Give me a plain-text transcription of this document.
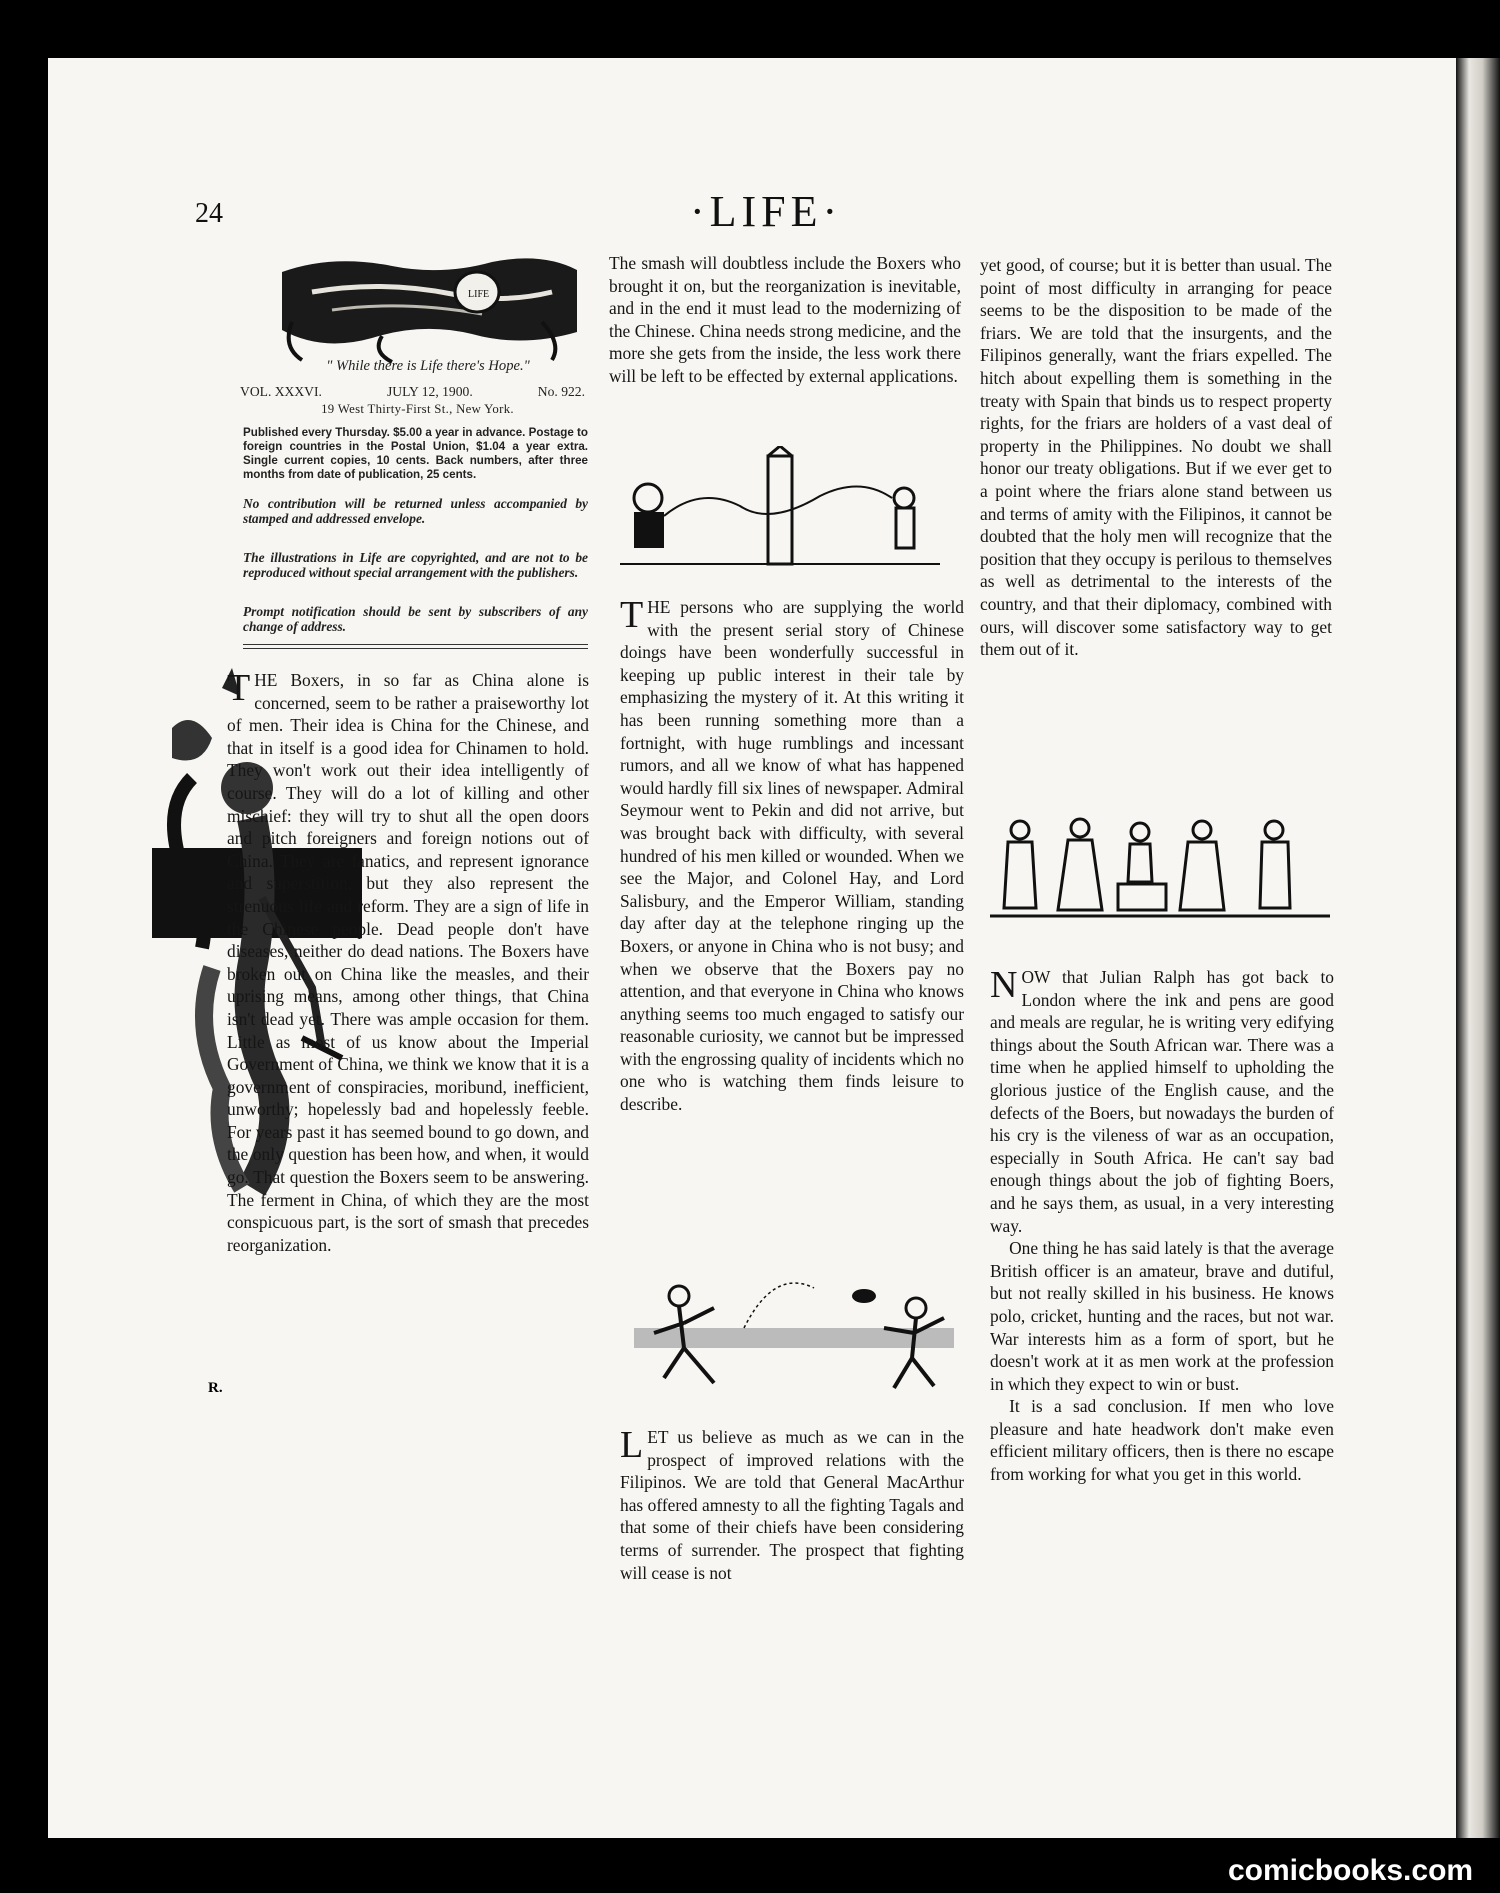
24	·LIFE·
LIFE
" While there is Life there's Hope."
VOL. XXXVI.	JULY 12, 1900.	No. 922.
19 West Thirty-First St., New York.
Published every Thursday. $5.00 a year in advance. Postage to foreign countries in the Postal Union, $1.04 a year extra. Single current copies, 10 cents. Back numbers, after three months from date of publication, 25 cents.
No contribution will be returned unless accompanied by stamped and addressed envelope.
The illustrations in Life are copyrighted, and are not to be reproduced without special arrangement with the publishers.
Prompt notification should be sent by subscribers of any change of address.
R.

THE Boxers, in so far as China alone is concerned, seem to be rather a praiseworthy lot of men. Their idea is China for the Chinese, and that in itself is a good idea for Chinamen to hold. They won't work out their idea intelligently of course. They will do a lot of killing and other mischief: they will try to shut all the open doors and pitch foreigners and foreign notions out of China. They are fanatics, and represent ignorance and superstition, but they also represent the strenuous life and reform. They are a sign of life in the Chinese people. Dead people don't have diseases, neither do dead nations. The Boxers have broken out on China like the measles, and their uprising means, among other things, that China isn't dead yet. There was ample occasion for them. Little as most of us know about the Imperial Government of China, we think we know that it is a government of conspiracies, moribund, inefficient, unworthy; hopelessly bad and hopelessly feeble. For years past it has seemed bound to go down, and the only question has been how, and when, it would go. That question the Boxers seem to be answering. The ferment in China, of which they are the most conspicuous part, is the sort of smash that precedes reorganization.

The smash will doubtless include the Boxers who brought it on, but the reorganization is inevitable, and in the end it must lead to the modernizing of the Chinese. China needs strong medicine, and the more she gets from the inside, the less work there will be left to be effected by external applications.

THE persons who are supplying the world with the present serial story of Chinese doings have been wonderfully successful in keeping up public interest in their tale by emphasizing the mystery of it. At this writing it has been running something more than a fortnight, with huge rumblings and incessant rumors, and all we know of what has happened would hardly fill six lines of newspaper. Admiral Seymour went to Pekin and did not arrive, but was brought back with difficulty, with several hundred of his men killed or wounded. When we see the Major, and Colonel Hay, and Lord Salisbury, and the Emperor William, standing day after day at the telephone ringing up the Boxers, or anyone in China who is not busy; and when we observe that the Boxers pay no attention, and that everyone in China who knows anything seems too much engaged to satisfy our reasonable curiosity, we cannot but be impressed with the engrossing quality of incidents which no one who is watching them finds leisure to describe.

LET us believe as much as we can in the prospect of improved relations with the Filipinos. We are told that General MacArthur has offered amnesty to all the fighting Tagals and that some of their chiefs have been considering terms of surrender. The prospect that fighting will cease is not

yet good, of course; but it is better than usual. The point of most difficulty in arranging for peace seems to be the disposition to be made of the friars. We are told that the insurgents, and the Filipinos generally, want the friars expelled. The hitch about expelling them is something in the treaty with Spain that binds us to respect property rights, for the friars are holders of a vast deal of property in the Philippines. No doubt we shall honor our treaty obligations. But if we ever get to a point where the friars alone stand between us and terms of amity with the Filipinos, it cannot be doubted that the holy men will recognize that the position that they occupy is perilous to themselves as well as detrimental to the interests of the country, and that their diplomacy, combined with ours, will discover some satisfactory way to get them out of it.

NOW that Julian Ralph has got back to London where the ink and pens are good and meals are regular, he is writing very edifying things about the South African war. There was a time when he applied himself to upholding the glorious justice of the English cause, and the defects of the Boers, but nowadays the burden of his cry is the vileness of war as an occupation, especially in South Africa. He can't say bad enough things about the job of fighting Boers, and he says them, as usual, in a very interesting way.

One thing he has said lately is that the average British officer is an amateur, brave and dutiful, but not really skilled in his business. He knows polo, cricket, hunting and the races, but not war. War interests him as a form of sport, but he doesn't work at it as men work at the profession in which they expect to win or bust.

It is a sad conclusion. If men who love pleasure and hate headwork don't make even efficient military officers, then is there no escape from working for what you get in this world.

comicbooks.com
